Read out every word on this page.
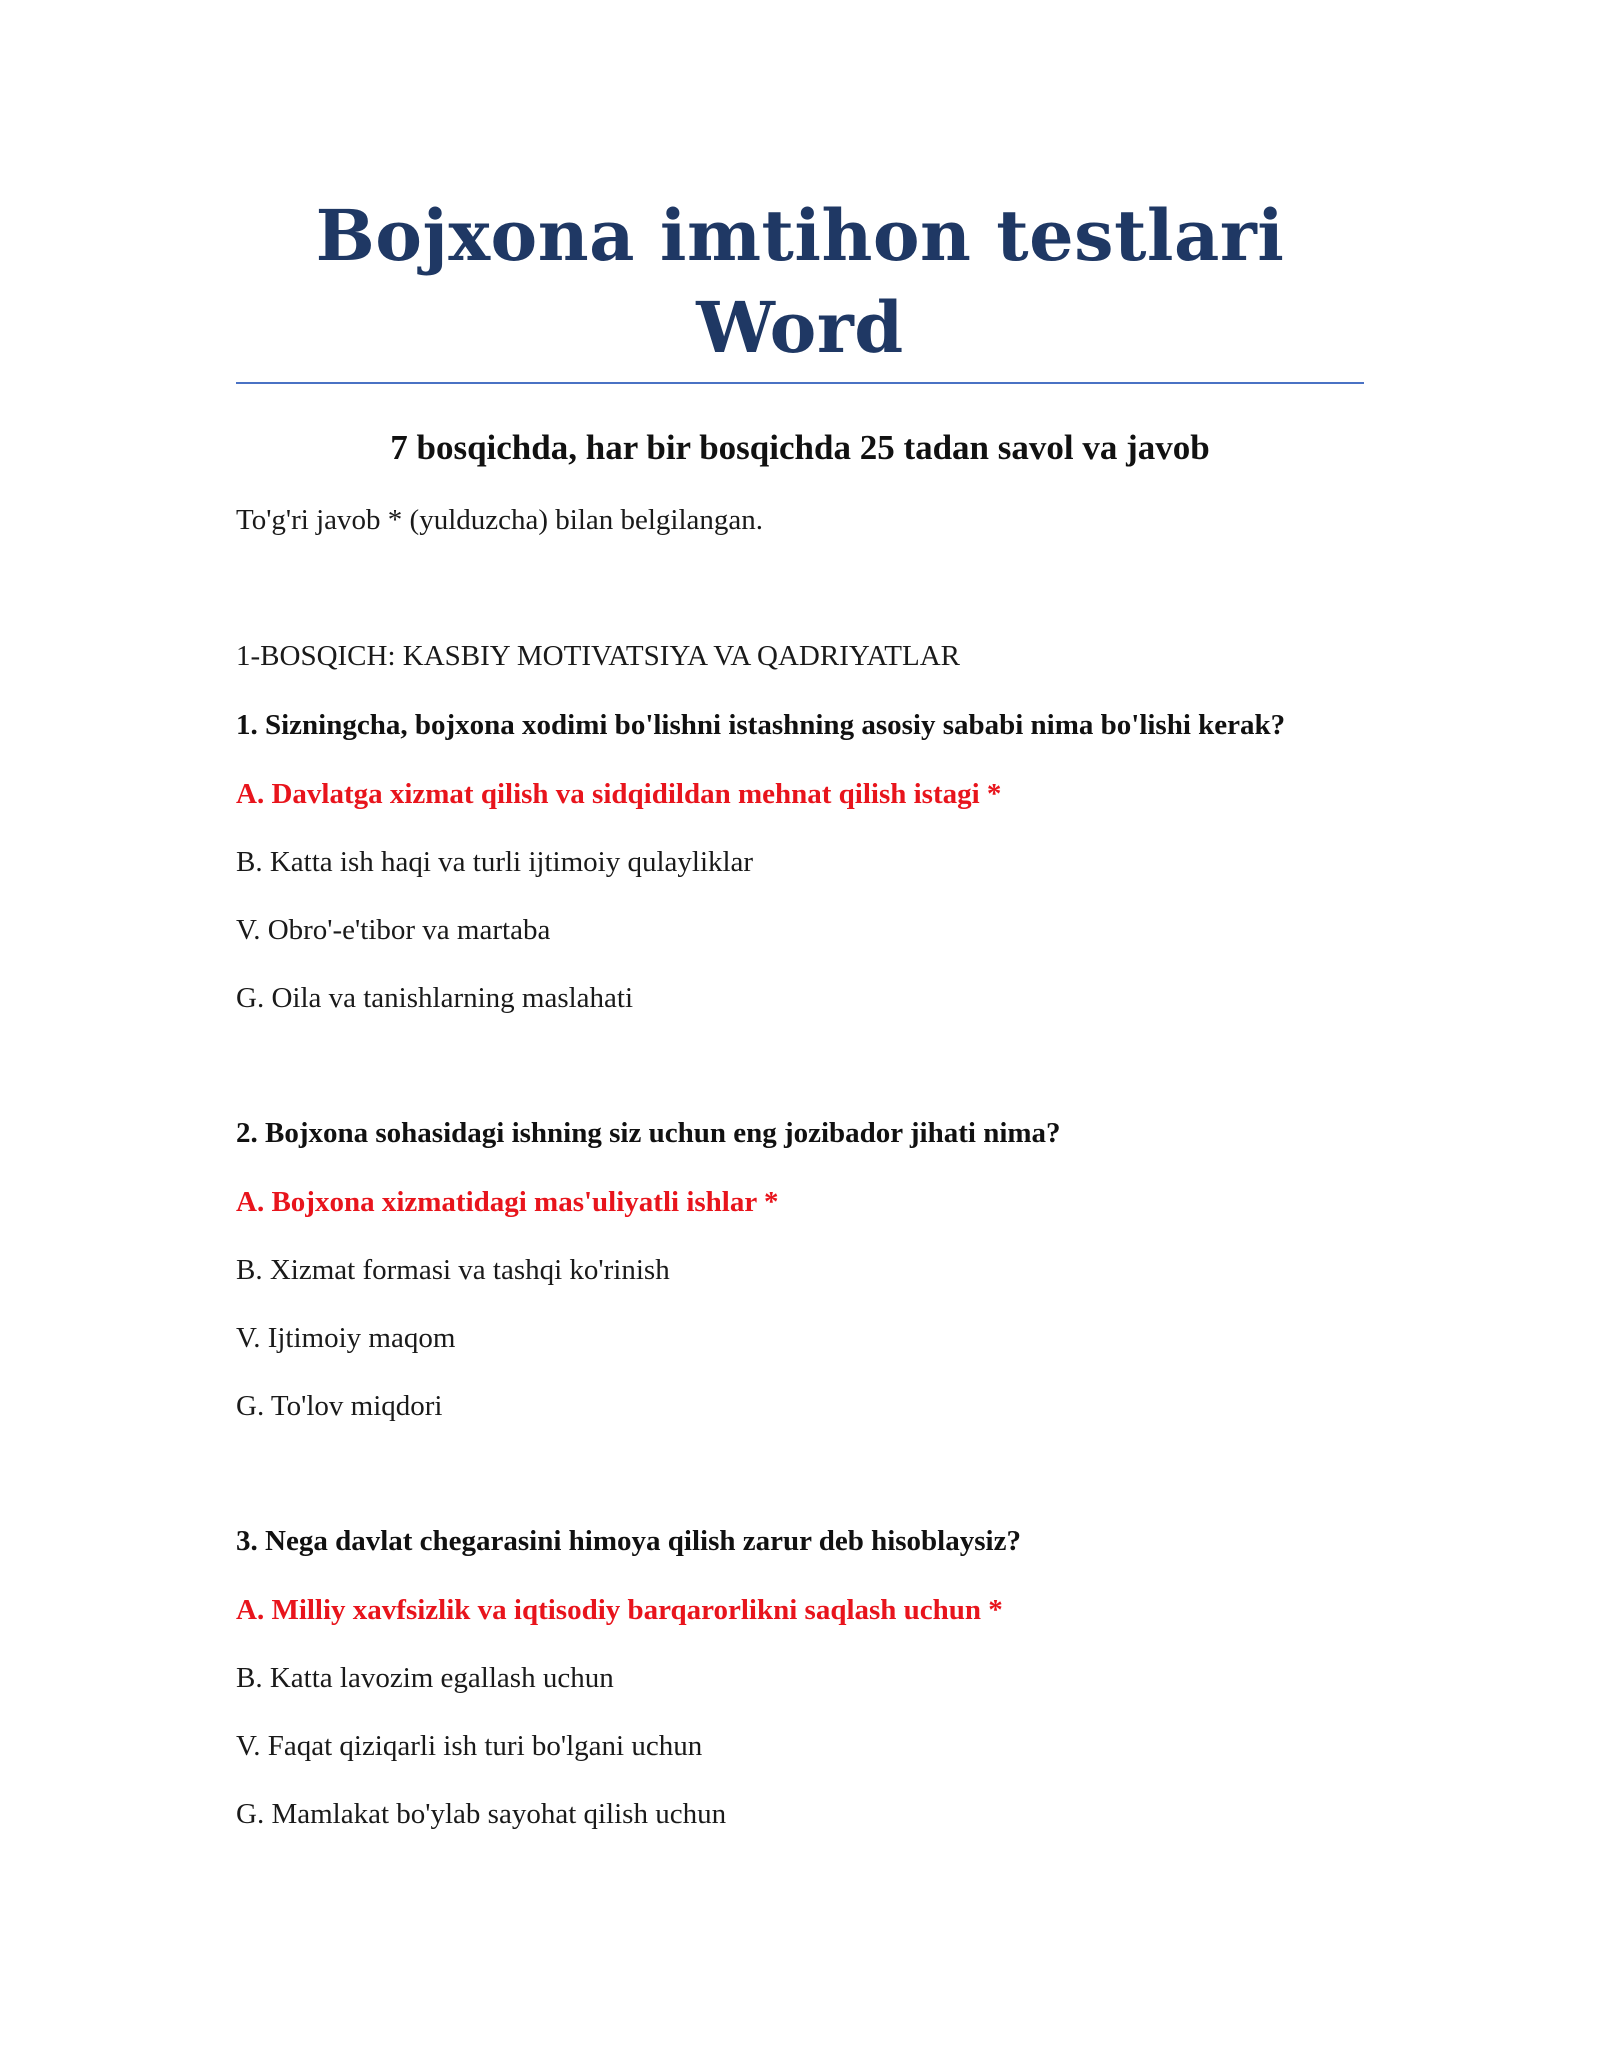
Bojxona imtihon testlari Word

7 bosqichda, har bir bosqichda 25 tadan savol va javob

To'g'ri javob * (yulduzcha) bilan belgilangan.

1-BOSQICH: KASBIY MOTIVATSIYA VA QADRIYATLAR

1. Sizningcha, bojxona xodimi bo'lishni istashning asosiy sababi nima bo'lishi kerak?

A. Davlatga xizmat qilish va sidqidildan mehnat qilish istagi *

B. Katta ish haqi va turli ijtimoiy qulayliklar

V. Obro'-e'tibor va martaba

G. Oila va tanishlarning maslahati

2. Bojxona sohasidagi ishning siz uchun eng jozibador jihati nima?

A. Bojxona xizmatidagi mas'uliyatli ishlar *

B. Xizmat formasi va tashqi ko'rinish

V. Ijtimoiy maqom

G. To'lov miqdori

3. Nega davlat chegarasini himoya qilish zarur deb hisoblaysiz?

A. Milliy xavfsizlik va iqtisodiy barqarorlikni saqlash uchun *

B. Katta lavozim egallash uchun

V. Faqat qiziqarli ish turi bo'lgani uchun

G. Mamlakat bo'ylab sayohat qilish uchun
